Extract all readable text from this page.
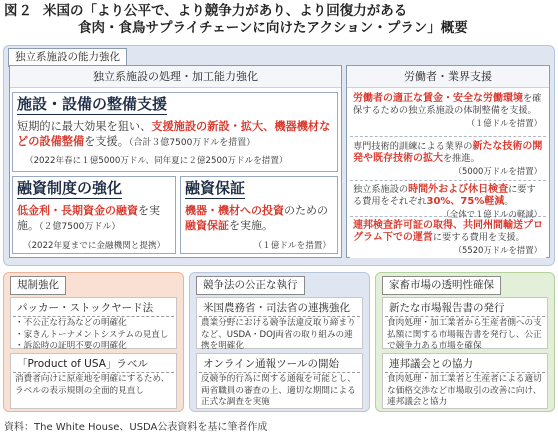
図２ 米国の「より公平で、より競争力があり、より回復力がある
食肉・食鳥サプライチェーンに向けたアクション・プラン」概要
独立系施設の能力強化
独立系施設の処理・加工能力強化
施設・設備の整備支援
短期的に最大効果を狙い、支援施設の新設・拡大、機器機材などの設備整備を支援。（合計３億7500万ドルを措置）
（2022年春に１億5000万ドル、同年夏に２億2500万ドルを措置）
融資制度の強化
低金利・長期資金の融資を実施。（２億7500万ドル）
（2022年夏までに金融機関と提携）
融資保証
機器・機材への投資のための融資保証を実施。
（１億ドルを措置）
労働者・業界支援
労働者の適正な賃金・安全な労働環境を確保するための独立系施設の体制整備を支援。
（１億ドルを措置）
専門技術的訓練による業界の新たな技術の開発や既存技術の拡大を推進。
（5000万ドルを措置）
独立系施設の時間外および休日検査に要する費用をそれぞれ30%、75%軽減。
（全体で１億ドルの軽減）
連邦検査許可証の取得、共同州間輸送プログラム下での運営に要する費用を支援。
（5520万ドルを措置）
規制強化
パッカー・ストックヤード法
・不公正な行為などの明確化
・家きんトーナメントシステムの見直し
・訴訟時の証明不要の明確化
「Product of USA」ラベル
消費者向けに原産地を明確にするため、ラベルの表示規則の全面的見直し
競争法の公正な執行
米国農務省・司法省の連携強化
農業分野における競争法違反取り締まりなど、USDA・DOJ両省の取り組みの連携を明確化
オンライン通報ツールの開始
反競争的行為に関する通報を可能とし、両省職員の審査の上、適切な期間による正式な調査を実施
家畜市場の透明性確保
新たな市場報告書の発行
食肉処理・加工業者から生産者側への支払額に関する市場報告書を発行し、公正で競争力ある市場を確保
連邦議会との協力
食肉処理・加工業者と生産者による適切な価格交渉など市場取引の改善に向け、連邦議会と協力
資料：The White House、USDA公表資料を基に筆者作成
